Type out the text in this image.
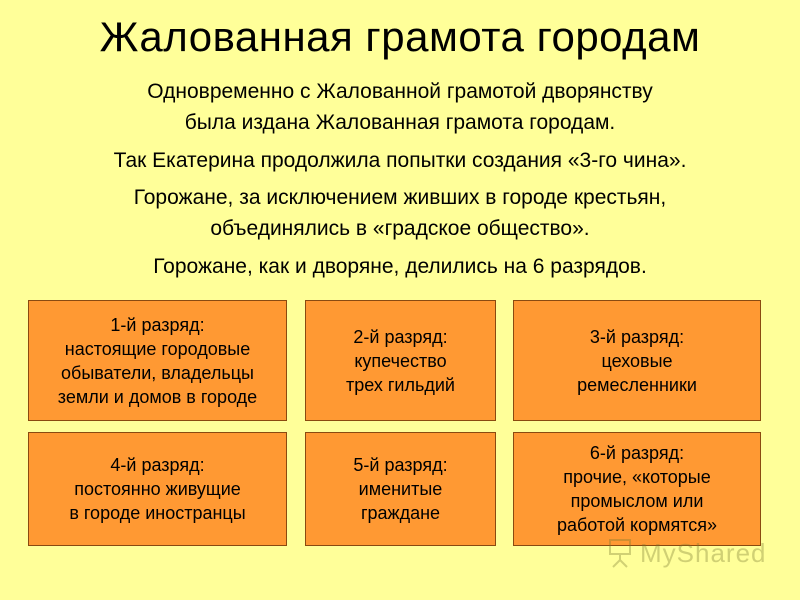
Жалованная грамота городам

Одновременно с Жалованной грамотой дворянству
была издана Жалованная грамота городам.

Так Екатерина продолжила попытки создания «3-го чина».

Горожане, за исключением живших в городе крестьян,
объединялись в «градское общество».

Горожане, как и дворяне, делились на 6 разрядов.

1-й разряд:
настоящие городовые
обыватели, владельцы
земли и домов в городе
2-й разряд:
купечество
трех гильдий
3-й разряд:
цеховые
ремесленники
4-й разряд:
постоянно живущие
в городе иностранцы
5-й разряд:
именитые
граждане
6-й разряд:
прочие, «которые
промыслом или
работой кормятся»
MyShared
